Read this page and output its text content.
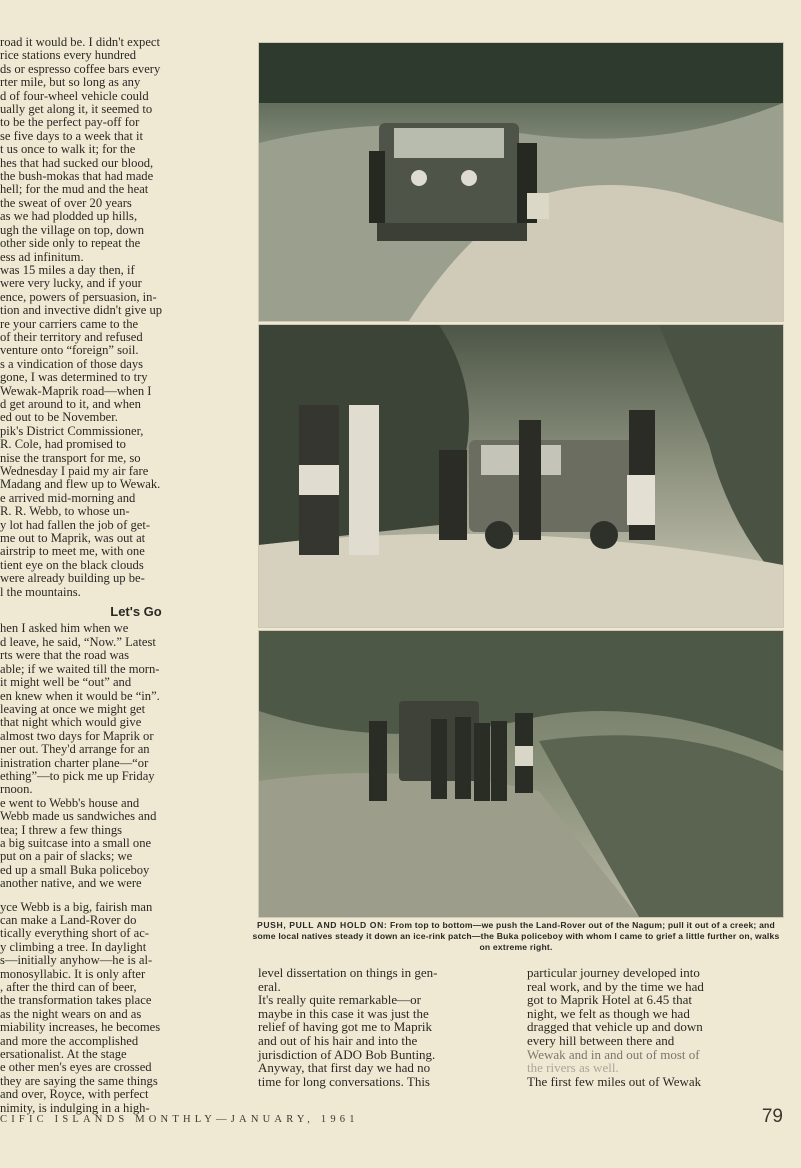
road it would be. I didn't expect

rice stations every hundred

ds or espresso coffee bars every

rter mile, but so long as any

d of four-wheel vehicle could

ually get along it, it seemed to

to be the perfect pay-off for

se five days to a week that it

t us once to walk it; for the

hes that had sucked our blood,

the bush-mokas that had made

hell; for the mud and the heat

the sweat of over 20 years

as we had plodded up hills,

ugh the village on top, down

other side only to repeat the

ess ad infinitum.

was 15 miles a day then, if

were very lucky, and if your

ence, powers of persuasion, in-

tion and invective didn't give up

re your carriers came to the

of their territory and refused

venture onto “foreign” soil.

s a vindication of those days

gone, I was determined to try

Wewak-Maprik road—when I

d get around to it, and when

ed out to be November.

pik's District Commissioner,

R. Cole, had promised to

nise the transport for me, so

Wednesday I paid my air fare

Madang and flew up to Wewak.

e arrived mid-morning and

R. R. Webb, to whose un-

y lot had fallen the job of get-

me out to Maprik, was out at

airstrip to meet me, with one

tient eye on the black clouds

were already building up be-

l the mountains.

Let's Go

hen I asked him when we

d leave, he said, “Now.” Latest

rts were that the road was

able; if we waited till the morn-

it might well be “out” and

en knew when it would be “in”.

leaving at once we might get

that night which would give

almost two days for Maprik or

ner out. They'd arrange for an

inistration charter plane—“or

ething”—to pick me up Friday

rnoon.

e went to Webb's house and

Webb made us sandwiches and

tea; I threw a few things

a big suitcase into a small one

put on a pair of slacks; we

ed up a small Buka policeboy

another native, and we were

yce Webb is a big, fairish man

can make a Land-Rover do

tically everything short of ac-

y climbing a tree. In daylight

s—initially anyhow—he is al-

monosyllabic. It is only after

, after the third can of beer,

the transformation takes place

as the night wears on and as

miability increases, he becomes

and more the accomplished

ersationalist. At the stage

e other men's eyes are crossed

they are saying the same things

and over, Royce, with perfect

nimity, is indulging in a high-

PUSH, PULL AND HOLD ON: From top to bottom—we push the Land-Rover out of the Nagum; pull it out of a creek; and some local natives steady it down an ice-rink patch—the Buka policeboy with whom I came to grief a little further on, walks on extreme right.

level dissertation on things in gen-

eral.

It's really quite remarkable—or

maybe in this case it was just the

relief of having got me to Maprik

and out of his hair and into the

jurisdiction of ADO Bob Bunting.

Anyway, that first day we had no

time for long conversations. This

particular journey developed into

real work, and by the time we had

got to Maprik Hotel at 6.45 that

night, we felt as though we had

dragged that vehicle up and down

every hill between there and

Wewak and in and out of most of

the rivers as well.

The first few miles out of Wewak

CIFIC ISLANDS MONTHLY—JANUARY, 1961	79
